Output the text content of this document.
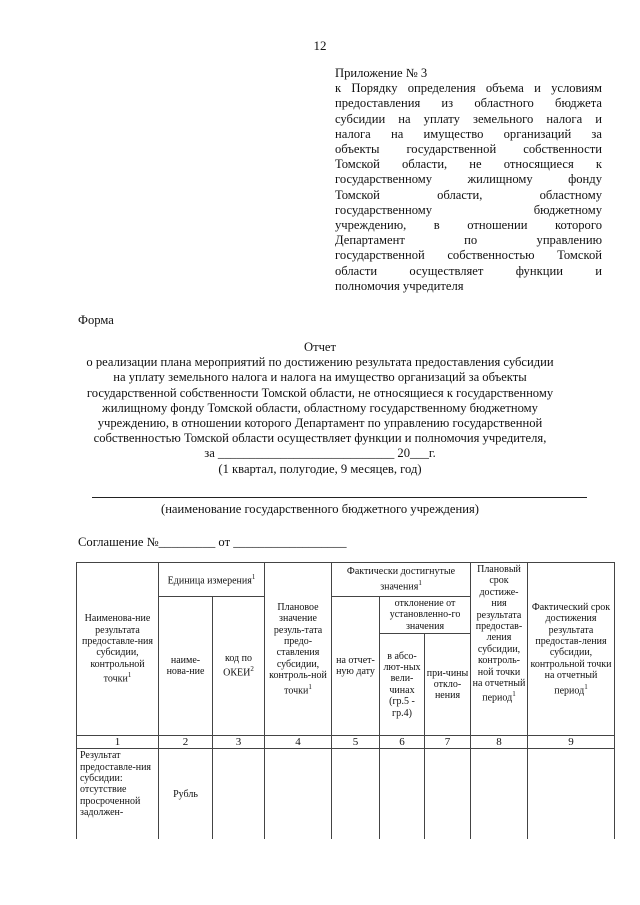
12
Приложение № 3
к Порядку определения объема и условиям
предоставления из областного бюджета
субсидии на уплату земельного налога и
налога на имущество организаций за
объекты государственной собственности
Томской области, не относящиеся к
государственному жилищному фонду
Томской области, областному
государственному бюджетному
учреждению, в отношении которого
Департамент по управлению
государственной собственностью Томской
области осуществляет функции и
полномочия учредителя
Форма
Отчет
о реализации плана мероприятий по достижению результата предоставления субсидии
на уплату земельного налога и налога на имущество организаций за объекты
государственной собственности Томской области, не относящиеся к государственному
жилищному фонду Томской области, областному государственному бюджетному
учреждению, в отношении которого Департамент по управлению государственной
собственностью Томской области осуществляет функции и полномочия учредителя,
за ____________________________ 20___г.
(1 квартал, полугодие, 9 месяцев, год)
(наименование государственного бюджетного учреждения)
Соглашение №_________ от __________________
Наименова-ние результата предоставле-ния субсидии, контрольной точки$^1$	Единица измерения$^1$		Плановое значение резуль-тата предо-ставления субсидии, контроль-ной точки$^1$	Фактически достигнутые значения$^1$			Плановый срок достиже-ния результата предостав-ления субсидии, контроль-ной точки на отчетный период$^1$	Фактический срок достижения результата предостав-ления субсидии, контрольной точки на отчетный период$^1$
	наиме-нова-ние	код по ОКЕИ$^2$		на отчет-ную дату	отклонение от установленно-го значения			
					в абсо-лют-ных вели-чинах (гр.5 - гр.4)	при-чины откло-нения		
1	2	3	4	5	6	7	8	9
Результат предоставле-ния субсидии: отсутствие просроченной задолжен-	Рубль							
